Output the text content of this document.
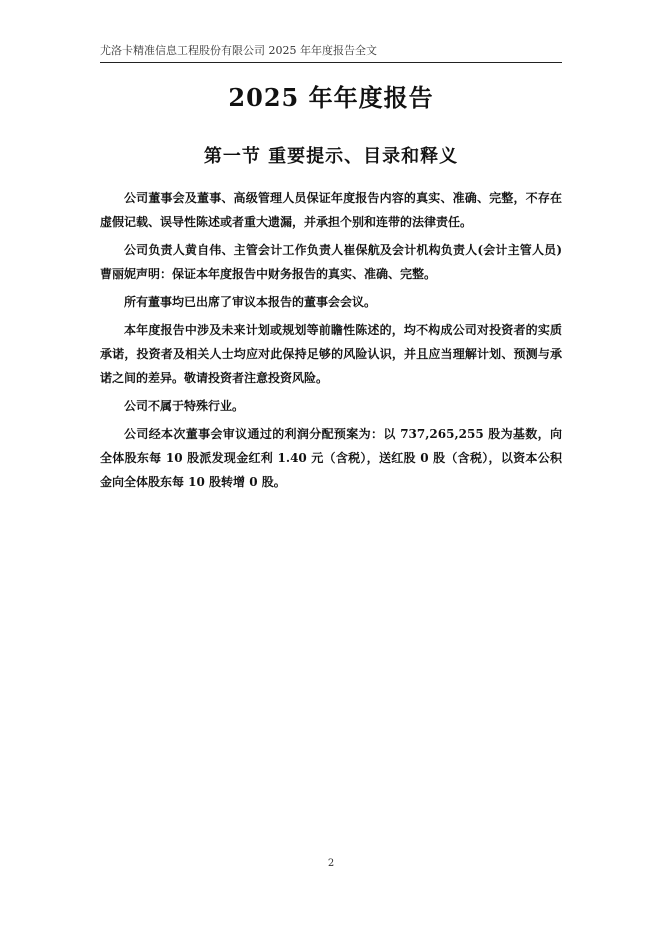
尤洛卡精准信息工程股份有限公司 2025 年年度报告全文
2025 年年度报告
第一节 重要提示、目录和释义

公司董事会及董事、高级管理人员保证年度报告内容的真实、准确、完整，不存在虚假记载、误导性陈述或者重大遗漏，并承担个别和连带的法律责任。

公司负责人黄自伟、主管会计工作负责人崔保航及会计机构负责人(会计主管人员)曹丽妮声明：保证本年度报告中财务报告的真实、准确、完整。

所有董事均已出席了审议本报告的董事会会议。

本年度报告中涉及未来计划或规划等前瞻性陈述的，均不构成公司对投资者的实质承诺，投资者及相关人士均应对此保持足够的风险认识，并且应当理解计划、预测与承诺之间的差异。敬请投资者注意投资风险。

公司不属于特殊行业。

公司经本次董事会审议通过的利润分配预案为：以 737,265,255 股为基数，向全体股东每 10 股派发现金红利 1.40 元（含税），送红股 0 股（含税），以资本公积金向全体股东每 10 股转增 0 股。

2
